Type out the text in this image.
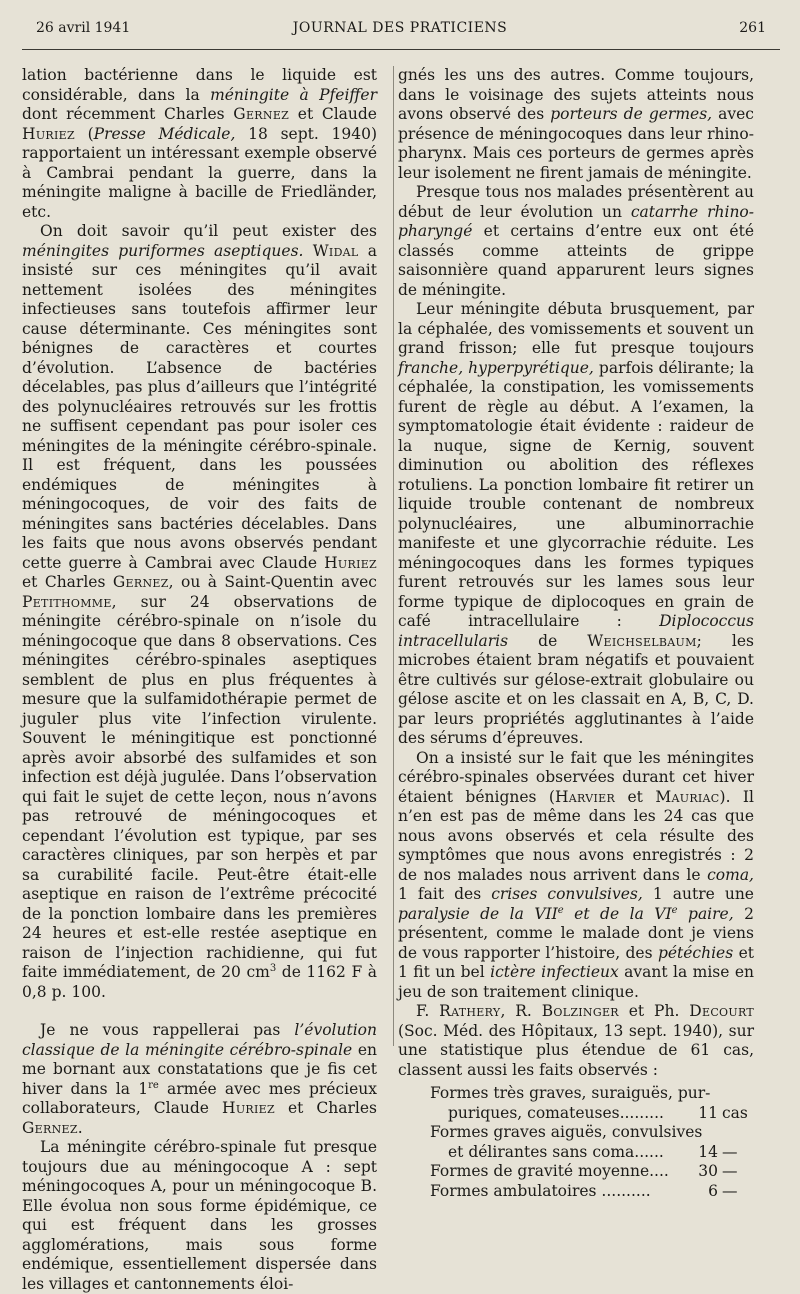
26 avril 1941	JOURNAL DES PRATICIENS	261

lation bactérienne dans le liquide est considérable, dans la méningite à Pfeiffer dont récemment Charles Gernez et Claude Huriez (Presse Médicale, 18 sept. 1940) rapportaient un intéressant exemple observé à Cambrai pendant la guerre, dans la méningite maligne à bacille de Friedländer, etc.

On doit savoir qu’il peut exister des méningites puriformes aseptiques. Widal a insisté sur ces méningites qu’il avait nettement isolées des méningites infectieuses sans toutefois affirmer leur cause déterminante. Ces méningites sont bénignes de caractères et courtes d’évolution. L’absence de bactéries décelables, pas plus d’ailleurs que l’intégrité des polynucléaires retrouvés sur les frottis ne suffisent cependant pas pour isoler ces méningites de la méningite cérébro-spinale. Il est fréquent, dans les poussées endémiques de méningites à méningocoques, de voir des faits de méningites sans bactéries décelables. Dans les faits que nous avons observés pendant cette guerre à Cambrai avec Claude Huriez et Charles Gernez, ou à Saint-Quentin avec Petithomme, sur 24 observations de méningite cérébro-spinale on n’isole du méningocoque que dans 8 observations. Ces méningites cérébro-spinales aseptiques semblent de plus en plus fréquentes à mesure que la sulfamidothérapie permet de juguler plus vite l’infection virulente. Souvent le méningitique est ponctionné après avoir absorbé des sulfamides et son infection est déjà jugulée. Dans l’observation qui fait le sujet de cette leçon, nous n’avons pas retrouvé de méningocoques et cependant l’évolution est typique, par ses caractères cliniques, par son herpès et par sa curabilité facile. Peut-être était-elle aseptique en raison de l’extrême précocité de la ponction lombaire dans les premières 24 heures et est-elle restée aseptique en raison de l’injection rachidienne, qui fut faite immédiatement, de 20 $cm^3$ de 1162 F à 0,8 p. 100.

Je ne vous rappellerai pas l’évolution classique de la méningite cérébro-spinale en me bornant aux constatations que je fis cet hiver dans la 1re armée avec mes précieux collaborateurs, Claude Huriez et Charles Gernez.

La méningite cérébro-spinale fut presque toujours due au méningocoque A : sept méningocoques A, pour un méningocoque B. Elle évolua non sous forme épidémique, ce qui est fréquent dans les grosses agglomérations, mais sous forme endémique, essentiellement dispersée dans les villages et cantonnements éloi-

gnés les uns des autres. Comme toujours, dans le voisinage des sujets atteints nous avons observé des porteurs de germes, avec présence de méningocoques dans leur rhino-pharynx. Mais ces porteurs de germes après leur isolement ne firent jamais de méningite.

Presque tous nos malades présentèrent au début de leur évolution un catarrhe rhino-pharyngé et certains d’entre eux ont été classés comme atteints de grippe saisonnière quand apparurent leurs signes de méningite.

Leur méningite débuta brusquement, par la céphalée, des vomissements et souvent un grand frisson; elle fut presque toujours franche, hyperpyrétique, parfois délirante; la céphalée, la constipation, les vomissements furent de règle au début. A l’examen, la symptomatologie était évidente : raideur de la nuque, signe de Kernig, souvent diminution ou abolition des réflexes rotuliens. La ponction lombaire fit retirer un liquide trouble contenant de nombreux polynucléaires, une albuminorrachie manifeste et une glycorrachie réduite. Les méningocoques dans les formes typiques furent retrouvés sur les lames sous leur forme typique de diplocoques en grain de café intracellulaire : Diplococcus intracellularis de Weichselbaum; les microbes étaient bram négatifs et pouvaient être cultivés sur gélose-extrait globulaire ou gélose ascite et on les classait en A, B, C, D. par leurs propriétés agglutinantes à l’aide des sérums d’épreuves.

On a insisté sur le fait que les méningites cérébro-spinales observées durant cet hiver étaient bénignes (Harvier et Mauriac). Il n’en est pas de même dans les 24 cas que nous avons observés et cela résulte des symptômes que nous avons enregistrés : 2 de nos malades nous arrivent dans le coma, 1 fait des crises convulsives, 1 autre une paralysie de la VIIe et de la VIe paire, 2 présentent, comme le malade dont je viens de vous rapporter l’histoire, des pétéchies et 1 fit un bel ictère infectieux avant la mise en jeu de son traitement clinique.

F. Rathery, R. Bolzinger et Ph. Decourt (Soc. Méd. des Hôpitaux, 13 sept. 1940), sur une statistique plus étendue de 61 cas, classent aussi les faits observés :

Formes très graves, suraiguës, pur-
puriques, comateuses.........	11 cas
Formes graves aiguës, convulsives
et délirantes sans coma......	14 —
Formes de gravité moyenne....	30 —
Formes ambulatoires ..........	6 —
